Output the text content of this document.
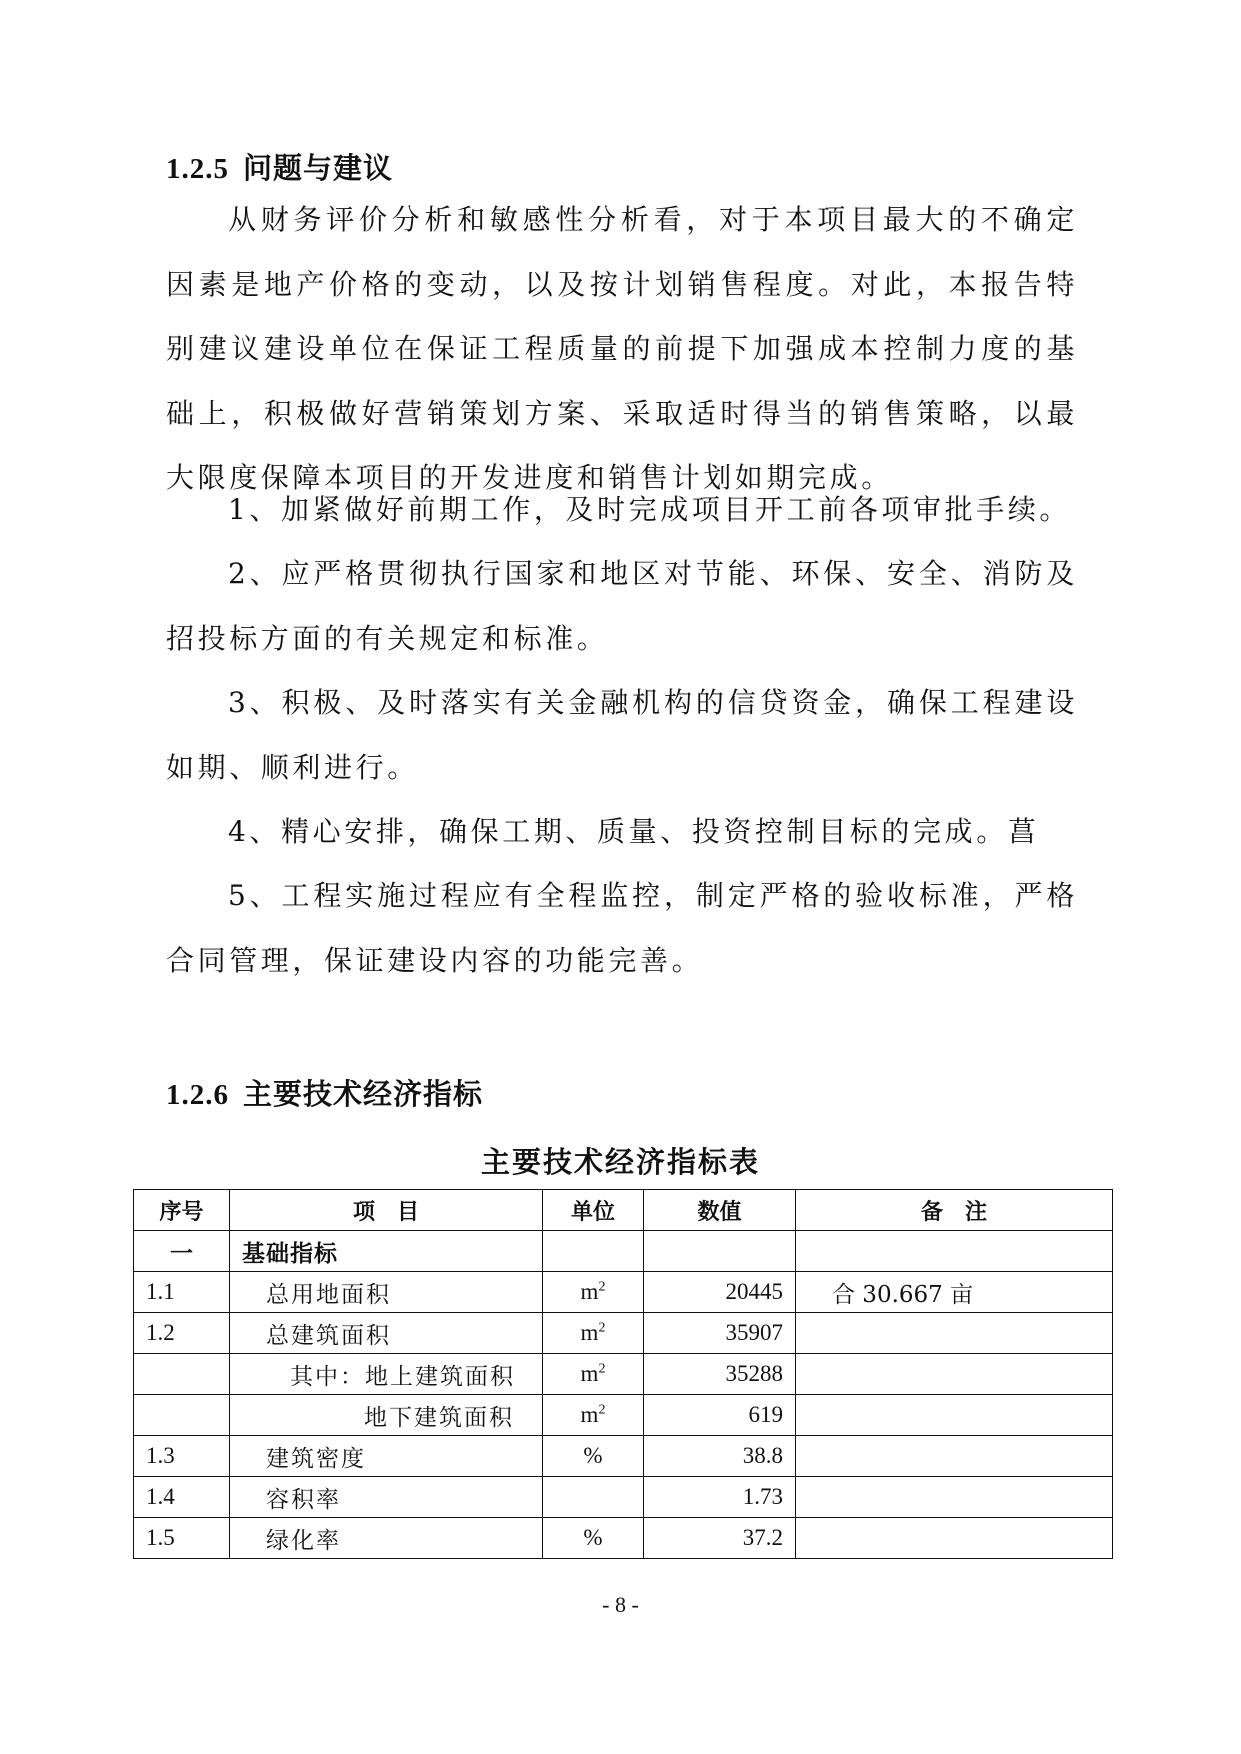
1.2.5 问题与建议

从财务评价分析和敏感性分析看，对于本项目最大的不确定因素是地产价格的变动，以及按计划销售程度。对此，本报告特别建议建设单位在保证工程质量的前提下加强成本控制力度的基础上，积极做好营销策划方案、采取适时得当的销售策略，以最大限度保障本项目的开发进度和销售计划如期完成。

1、加紧做好前期工作，及时完成项目开工前各项审批手续。

2、应严格贯彻执行国家和地区对节能、环保、安全、消防及招投标方面的有关规定和标准。

3、积极、及时落实有关金融机构的信贷资金，确保工程建设如期、顺利进行。

4、精心安排，确保工期、质量、投资控制目标的完成。菖

5、工程实施过程应有全程监控，制定严格的验收标准，严格合同管理，保证建设内容的功能完善。

1.2.6 主要技术经济指标
主要技术经济指标表
序号	项目	单位	数值	备注
一	基础指标			
1.1	总用地面积	$m^2$	20445	合 30.667 亩
1.2	总建筑面积	$m^2$	35907	
	其中：地上建筑面积	$m^2$	35288	
	地下建筑面积	$m^2$	619	
1.3	建筑密度	%	38.8	
1.4	容积率		1.73	
1.5	绿化率	%	37.2	
- 8 -
